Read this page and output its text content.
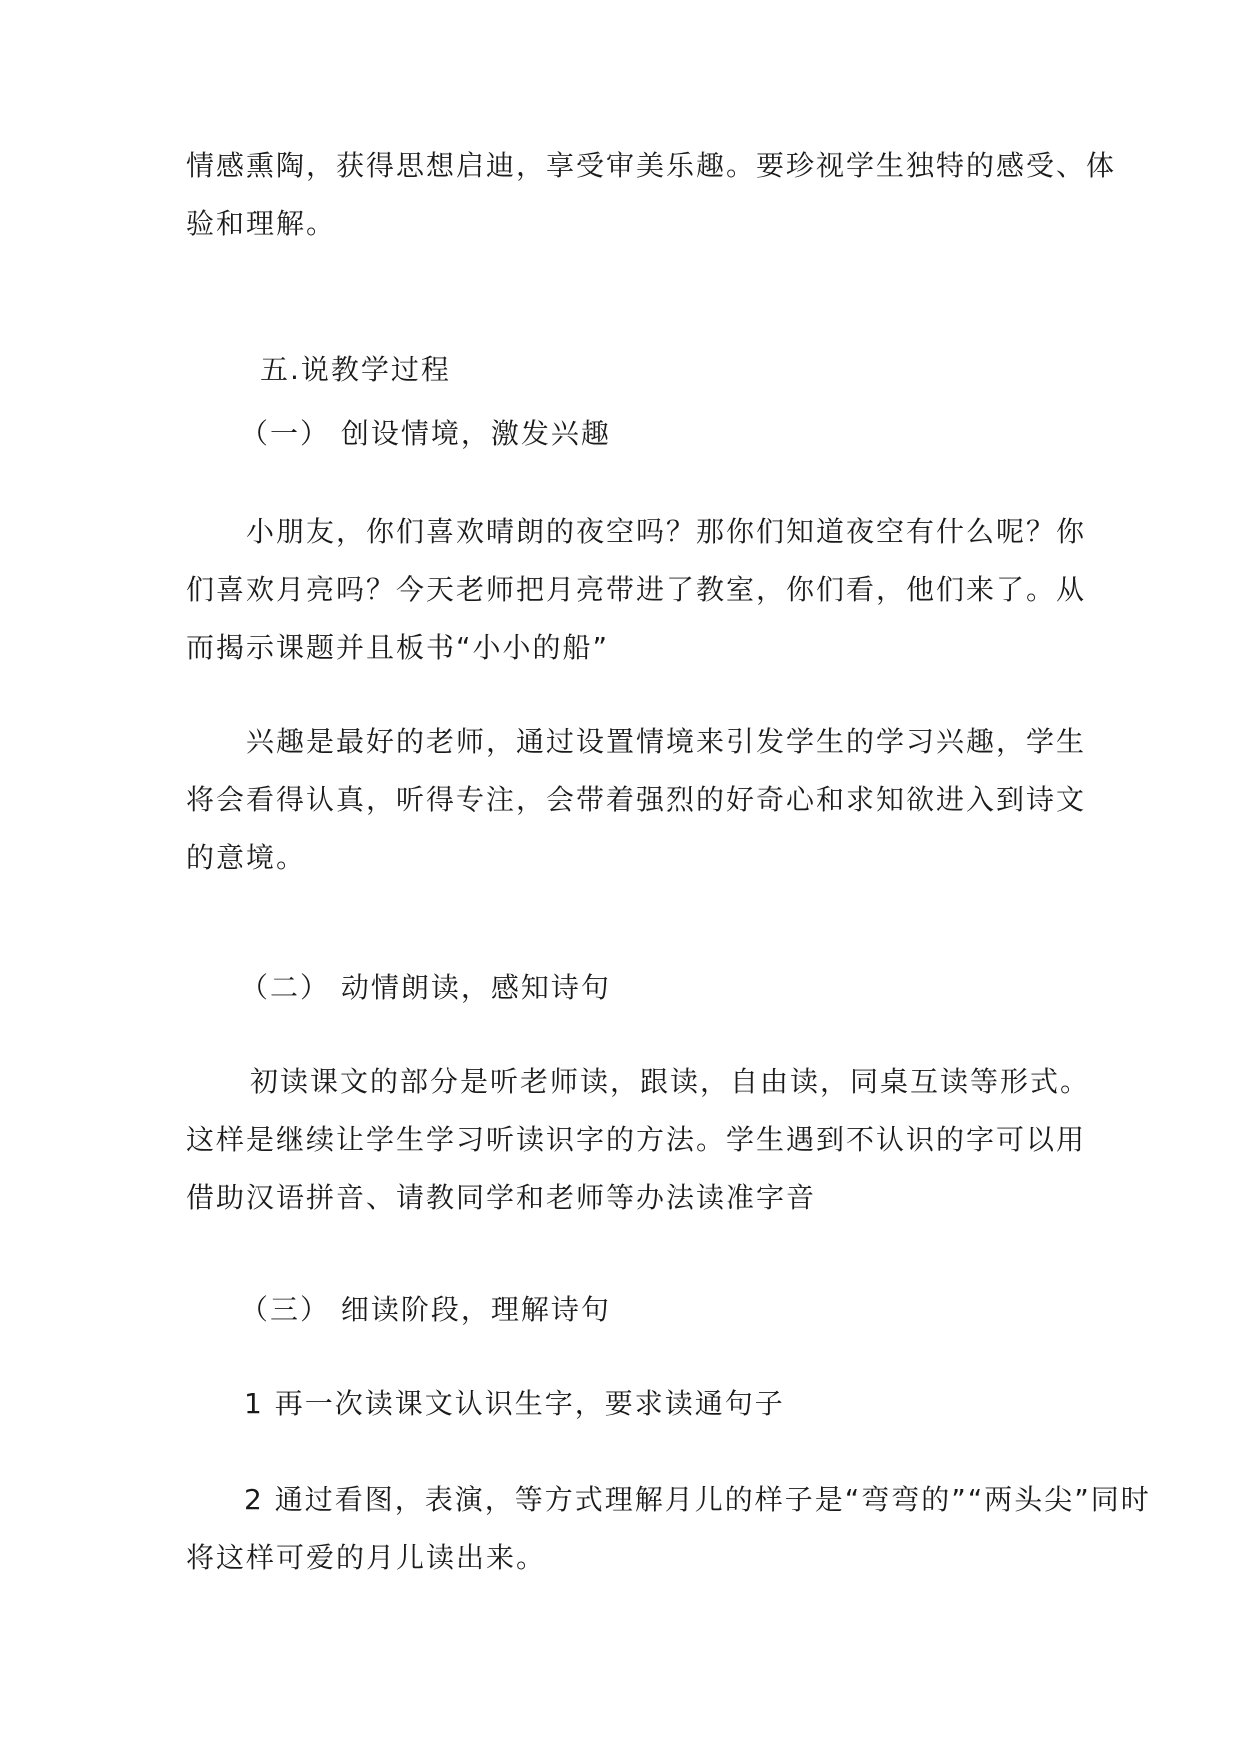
情感熏陶，获得思想启迪，享受审美乐趣。要珍视学生独特的感受、体

验和理解。

五.说教学过程

（一） 创设情境，激发兴趣

小朋友，你们喜欢晴朗的夜空吗？那你们知道夜空有什么呢？你

们喜欢月亮吗？今天老师把月亮带进了教室，你们看，他们来了。从

而揭示课题并且板书“小小的船”

兴趣是最好的老师，通过设置情境来引发学生的学习兴趣，学生

将会看得认真，听得专注，会带着强烈的好奇心和求知欲进入到诗文

的意境。

（二） 动情朗读，感知诗句

初读课文的部分是听老师读，跟读，自由读，同桌互读等形式。

这样是继续让学生学习听读识字的方法。学生遇到不认识的字可以用

借助汉语拼音、请教同学和老师等办法读准字音

（三） 细读阶段，理解诗句

1 再一次读课文认识生字，要求读通句子

2 通过看图，表演，等方式理解月儿的样子是“弯弯的”“两头尖”同时

将这样可爱的月儿读出来。
